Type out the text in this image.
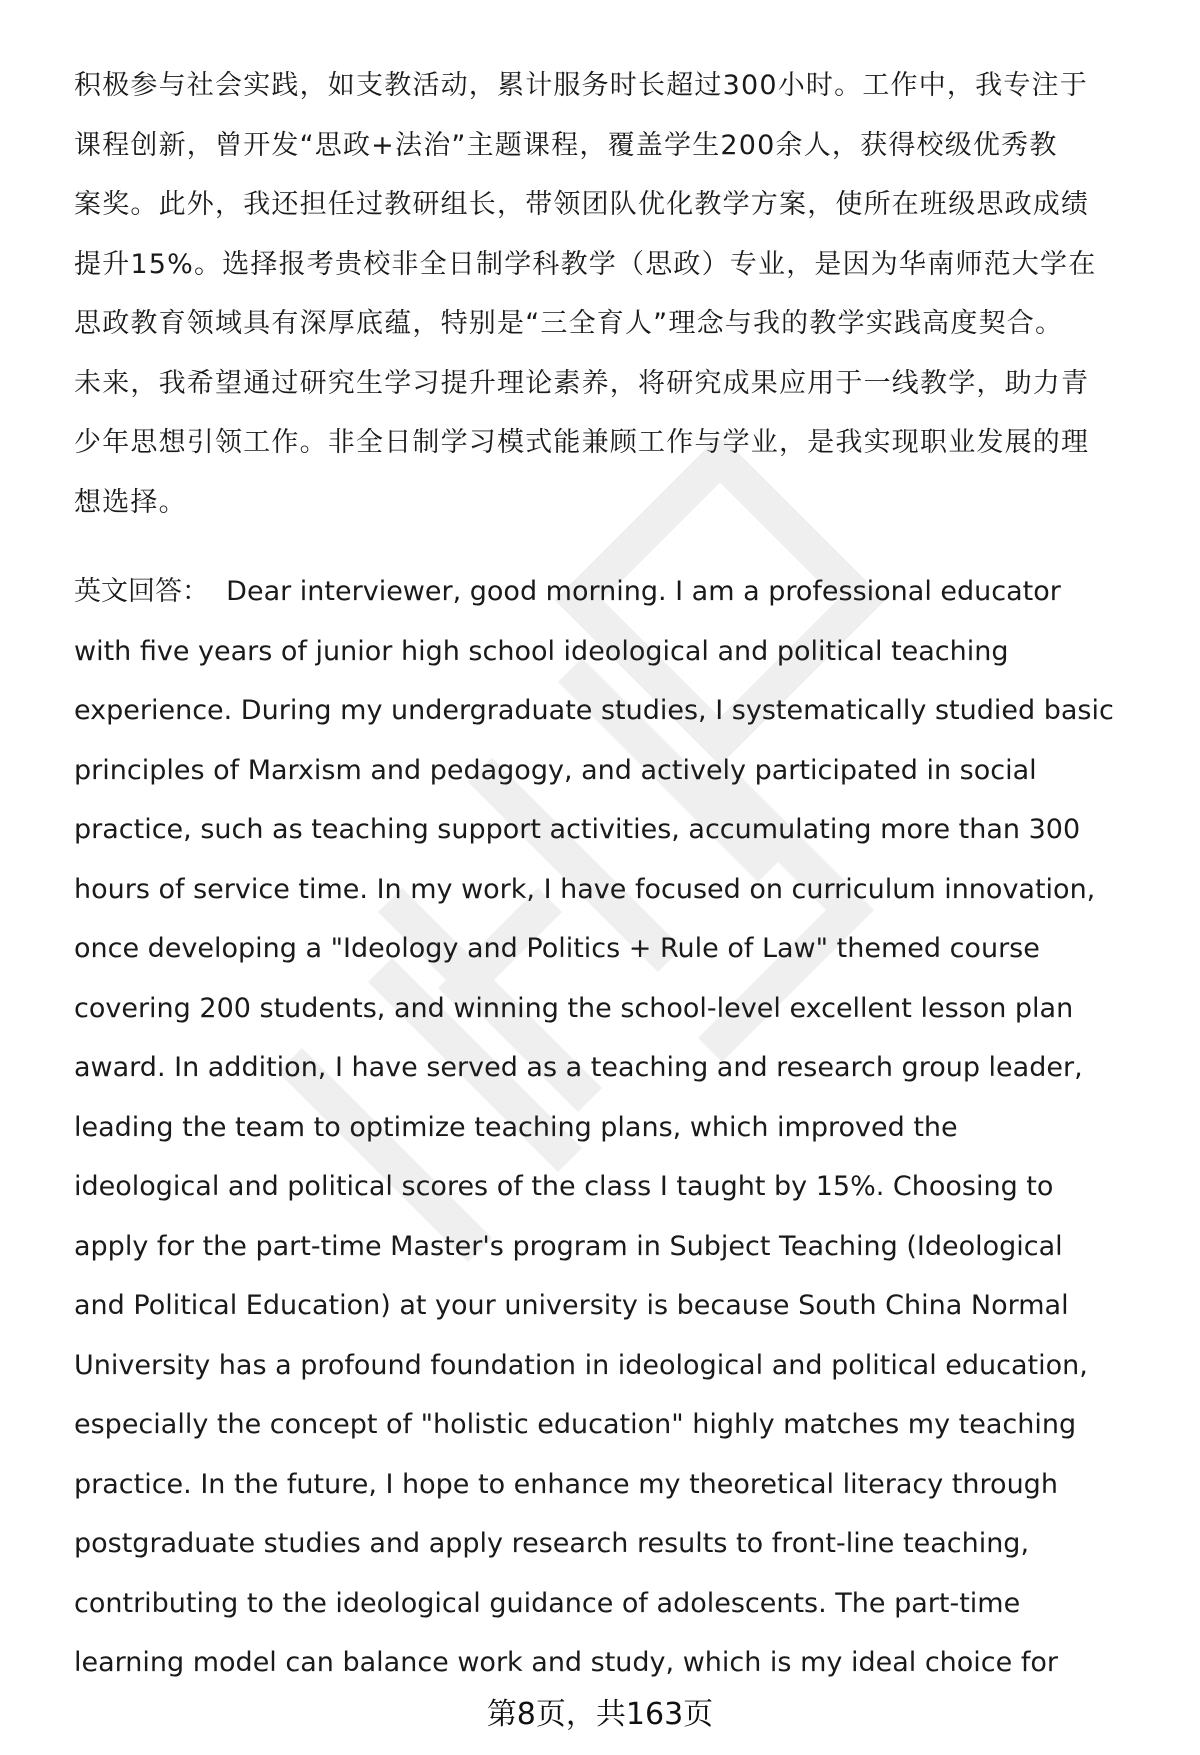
积极参与社会实践，如支教活动，累计服务时长超过300小时。工作中，我专注于
课程创新，曾开发“思政+法治”主题课程，覆盖学生200余人，获得校级优秀教
案奖。此外，我还担任过教研组长，带领团队优化教学方案，使所在班级思政成绩
提升15%。选择报考贵校非全日制学科教学（思政）专业，是因为华南师范大学在
思政教育领域具有深厚底蕴，特别是“三全育人”理念与我的教学实践高度契合。
未来，我希望通过研究生学习提升理论素养，将研究成果应用于一线教学，助力青
少年思想引领工作。非全日制学习模式能兼顾工作与学业，是我实现职业发展的理
想选择。
英文回答： Dear interviewer, good morning. I am a professional educator
with five years of junior high school ideological and political teaching
experience. During my undergraduate studies, I systematically studied basic
principles of Marxism and pedagogy, and actively participated in social
practice, such as teaching support activities, accumulating more than 300
hours of service time. In my work, I have focused on curriculum innovation,
once developing a "Ideology and Politics + Rule of Law" themed course
covering 200 students, and winning the school-level excellent lesson plan
award. In addition, I have served as a teaching and research group leader,
leading the team to optimize teaching plans, which improved the
ideological and political scores of the class I taught by 15%. Choosing to
apply for the part-time Master's program in Subject Teaching (Ideological
and Political Education) at your university is because South China Normal
University has a profound foundation in ideological and political education,
especially the concept of "holistic education" highly matches my teaching
practice. In the future, I hope to enhance my theoretical literacy through
postgraduate studies and apply research results to front-line teaching,
contributing to the ideological guidance of adolescents. The part-time
learning model can balance work and study, which is my ideal choice for
第8页，共163页
